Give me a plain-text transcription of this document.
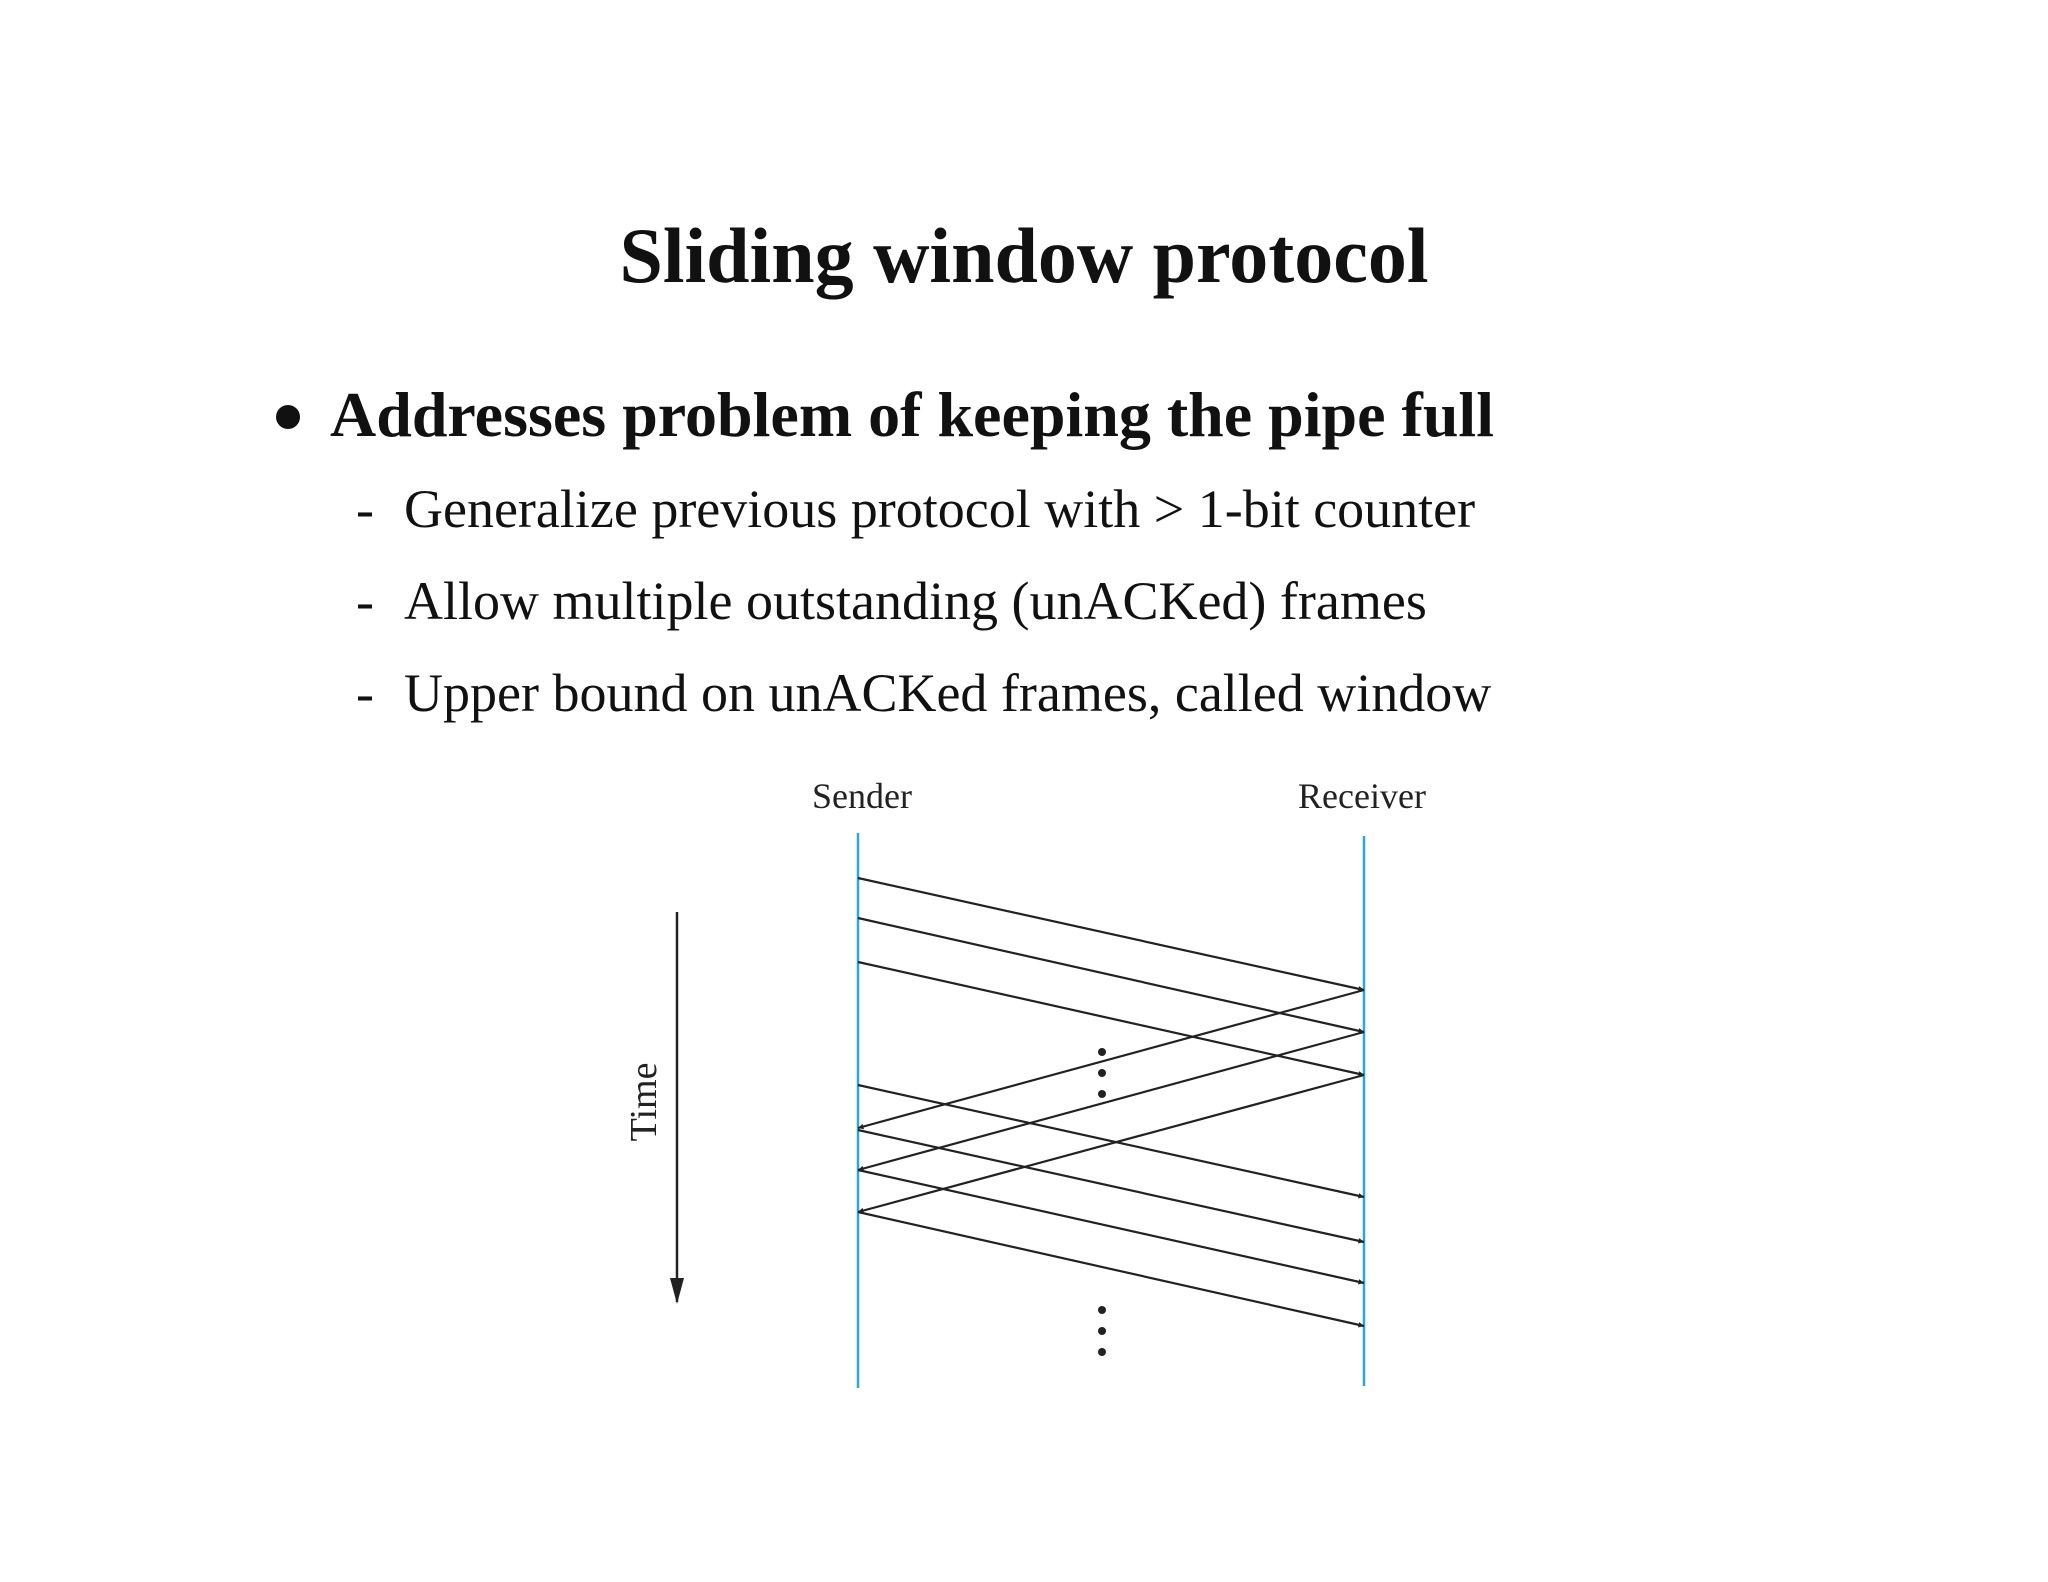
Sliding window protocol
Addresses problem of keeping the pipe full
- Generalize previous protocol with > 1-bit counter
- Allow multiple outstanding (unACKed) frames
- Upper bound on unACKed frames, called window
Sender	Receiver
Time
